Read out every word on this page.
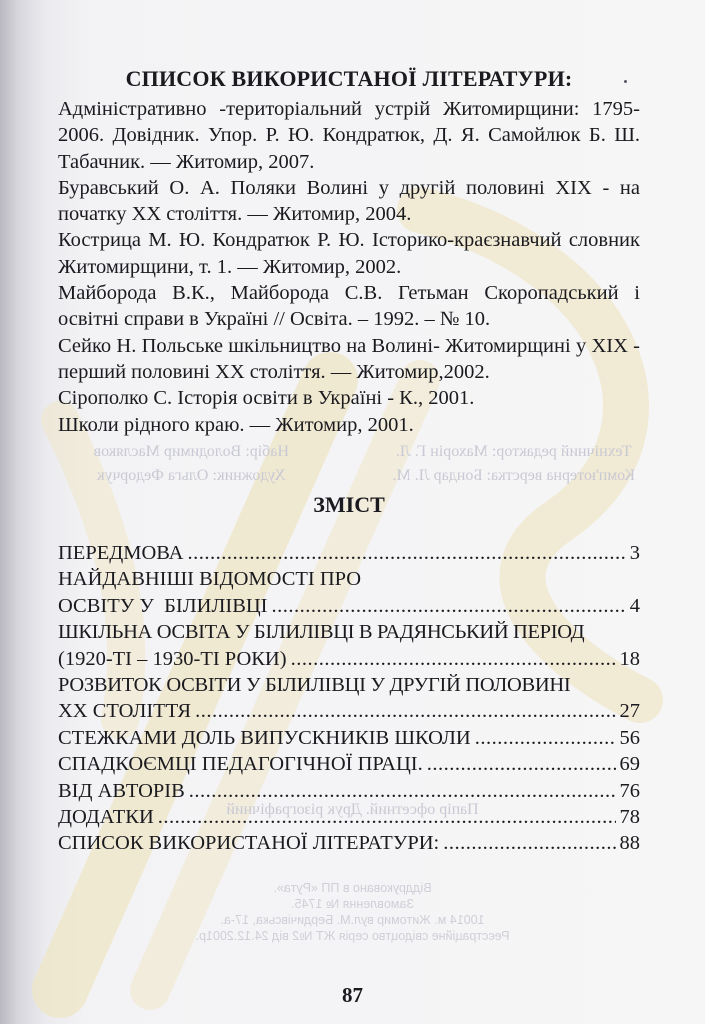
Технічний редактор: Махорін Г. Л.
Набір: Володимир Масляков
Комп'ютерна верстка: Бондар Л. М.
Художник: Ольга Федорчук
Папір офсетний. Друк різографічний
Віддруковано в ПП «Рута».
Замовлення № 1745.
10014 м. Житомир вул.М. Бердичівська, 17-а.
Реєстраційне свідоцтво серія ЖТ №2 від 24.12.2001р.
СПИСОК ВИКОРИСТАНОЇ ЛІТЕРАТУРИ:
Адміністративно -територіальний устрій Житомирщини: 1795-2006. Довідник. Упор. Р. Ю. Кондратюк, Д. Я. Самойлюк Б. Ш. Табачник. — Житомир, 2007.
Буравський О. А. Поляки Волині у другій половині XIX - на початку XX століття. — Житомир, 2004.
Кострица М. Ю. Кондратюк Р. Ю. Історико-краєзнавчий словник Житомирщини, т. 1. — Житомир, 2002.
Майборода В.К., Майборода С.В. Гетьман Скоропадський і освітні справи в Україні // Освіта. – 1992. – № 10.
Сейко Н. Польське шкільництво на Волині- Житомирщині у XIX - перший половині XX століття. — Житомир,2002.
Сірополко С. Історія освіти в Україні - К., 2001.
Школи рідного краю. — Житомир, 2001.
ЗМІСТ
ПЕРЕДМОВА .....	3
НАЙДАВНІШІ ВІДОМОСТІ ПРО
ОСВІТУ У  БІЛИЛІВЦІ .....	4
ШКІЛЬНА ОСВІТА У БІЛИЛІВЦІ В РАДЯНСЬКИЙ ПЕРІОД
(1920-ТІ – 1930-ТІ РОКИ) .....	18
РОЗВИТОК ОСВІТИ У БІЛИЛІВЦІ У ДРУГІЙ ПОЛОВИНІ
XX СТОЛІТТЯ .....	27
СТЕЖКАМИ ДОЛЬ ВИПУСКНИКІВ ШКОЛИ .....	56
СПАДКОЄМЦІ ПЕДАГОГІЧНОЇ ПРАЦІ. .....	69
ВІД АВТОРІВ .....	76
ДОДАТКИ .....	78
СПИСОК ВИКОРИСТАНОЇ ЛІТЕРАТУРИ: .....	88
87
